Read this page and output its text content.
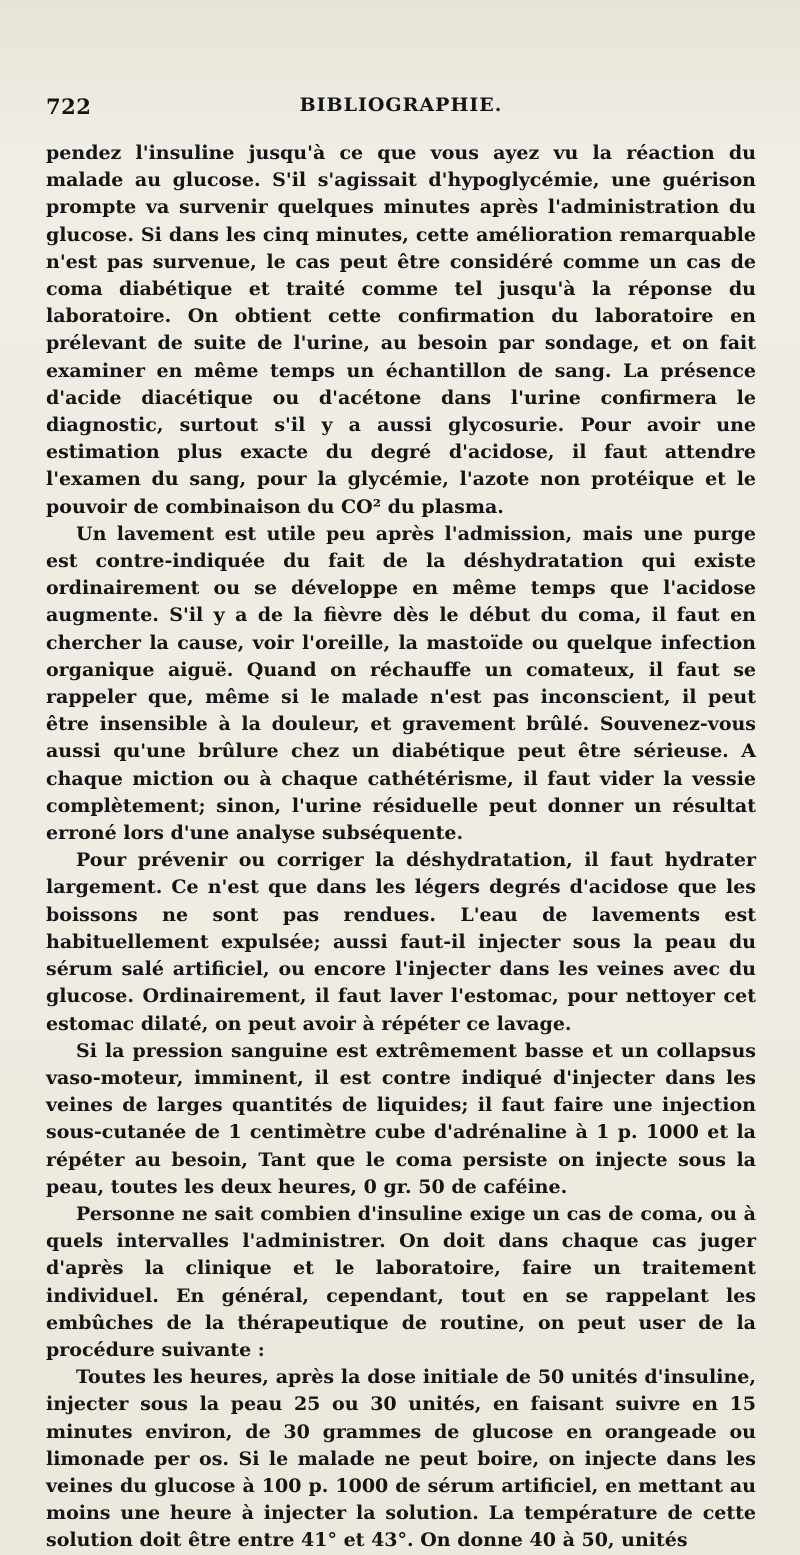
722	BIBLIOGRAPHIE.

pendez l'insuline jusqu'à ce que vous ayez vu la réaction du malade au glucose. S'il s'agissait d'hypoglycémie, une guérison prompte va survenir quelques minutes après l'administration du glucose. Si dans les cinq minutes, cette amélioration remarquable n'est pas survenue, le cas peut être considéré comme un cas de coma diabétique et traité comme tel jusqu'à la réponse du laboratoire. On obtient cette confirmation du laboratoire en prélevant de suite de l'urine, au besoin par sondage, et on fait examiner en même temps un échantillon de sang. La présence d'acide diacétique ou d'acétone dans l'urine confirmera le diagnostic, surtout s'il y a aussi glycosurie. Pour avoir une estimation plus exacte du degré d'acidose, il faut attendre l'examen du sang, pour la glycémie, l'azote non protéique et le pouvoir de combinaison du CO² du plasma.

Un lavement est utile peu après l'admission, mais une purge est contre-indiquée du fait de la déshydratation qui existe ordinairement ou se développe en même temps que l'acidose augmente. S'il y a de la fièvre dès le début du coma, il faut en chercher la cause, voir l'oreille, la mastoïde ou quelque infection organique aiguë. Quand on réchauffe un comateux, il faut se rappeler que, même si le malade n'est pas inconscient, il peut être insensible à la douleur, et gravement brûlé. Souvenez-vous aussi qu'une brûlure chez un diabétique peut être sérieuse. A chaque miction ou à chaque cathétérisme, il faut vider la vessie complètement; sinon, l'urine résiduelle peut donner un résultat erroné lors d'une analyse subséquente.

Pour prévenir ou corriger la déshydratation, il faut hydrater largement. Ce n'est que dans les légers degrés d'acidose que les boissons ne sont pas rendues. L'eau de lavements est habituellement expulsée; aussi faut-il injecter sous la peau du sérum salé artificiel, ou encore l'injecter dans les veines avec du glucose. Ordinairement, il faut laver l'estomac, pour nettoyer cet estomac dilaté, on peut avoir à répéter ce lavage.

Si la pression sanguine est extrêmement basse et un collapsus vaso-moteur, imminent, il est contre indiqué d'injecter dans les veines de larges quantités de liquides; il faut faire une injection sous-cutanée de 1 centimètre cube d'adrénaline à 1 p. 1000 et la répéter au besoin, Tant que le coma persiste on injecte sous la peau, toutes les deux heures, 0 gr. 50 de caféine.

Personne ne sait combien d'insuline exige un cas de coma, ou à quels intervalles l'administrer. On doit dans chaque cas juger d'après la clinique et le laboratoire, faire un traitement individuel. En général, cependant, tout en se rappelant les embûches de la thérapeutique de routine, on peut user de la procédure suivante :

Toutes les heures, après la dose initiale de 50 unités d'insuline, injecter sous la peau 25 ou 30 unités, en faisant suivre en 15 minutes environ, de 30 grammes de glucose en orangeade ou limonade per os. Si le malade ne peut boire, on injecte dans les veines du glucose à 100 p. 1000 de sérum artificiel, en mettant au moins une heure à injecter la solution. La température de cette solution doit être entre 41° et 43°. On donne 40 à 50, unités
